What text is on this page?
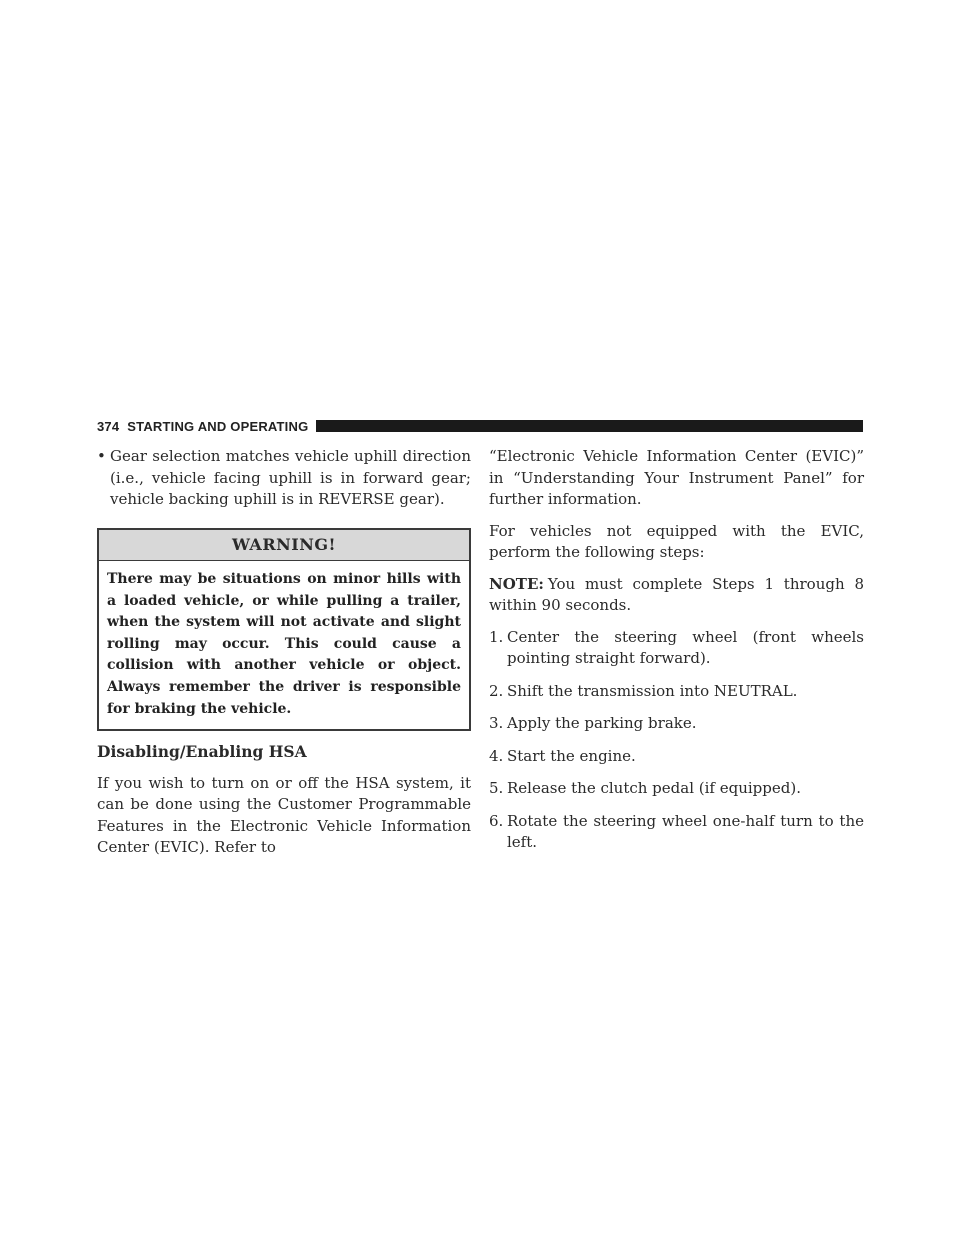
374 STARTING AND OPERATING
• Gear selection matches vehicle uphill direction (i.e., vehicle facing uphill is in forward gear; vehicle backing uphill is in REVERSE gear).
WARNING!
There may be situations on minor hills with a loaded vehicle, or while pulling a trailer, when the system will not activate and slight rolling may occur. This could cause a collision with another vehicle or object. Always remember the driver is responsible for braking the vehicle.
Disabling/Enabling HSA
If you wish to turn on or off the HSA system, it can be done using the Customer Programmable Features in the Electronic Vehicle Information Center (EVIC). Refer to
“Electronic Vehicle Information Center (EVIC)” in “Understanding Your Instrument Panel” for further information.
For vehicles not equipped with the EVIC, perform the following steps:
NOTE: You must complete Steps 1 through 8 within 90 seconds.
1. Center the steering wheel (front wheels pointing straight forward).
2. Shift the transmission into NEUTRAL.
3. Apply the parking brake.
4. Start the engine.
5. Release the clutch pedal (if equipped).
6. Rotate the steering wheel one-half turn to the left.
